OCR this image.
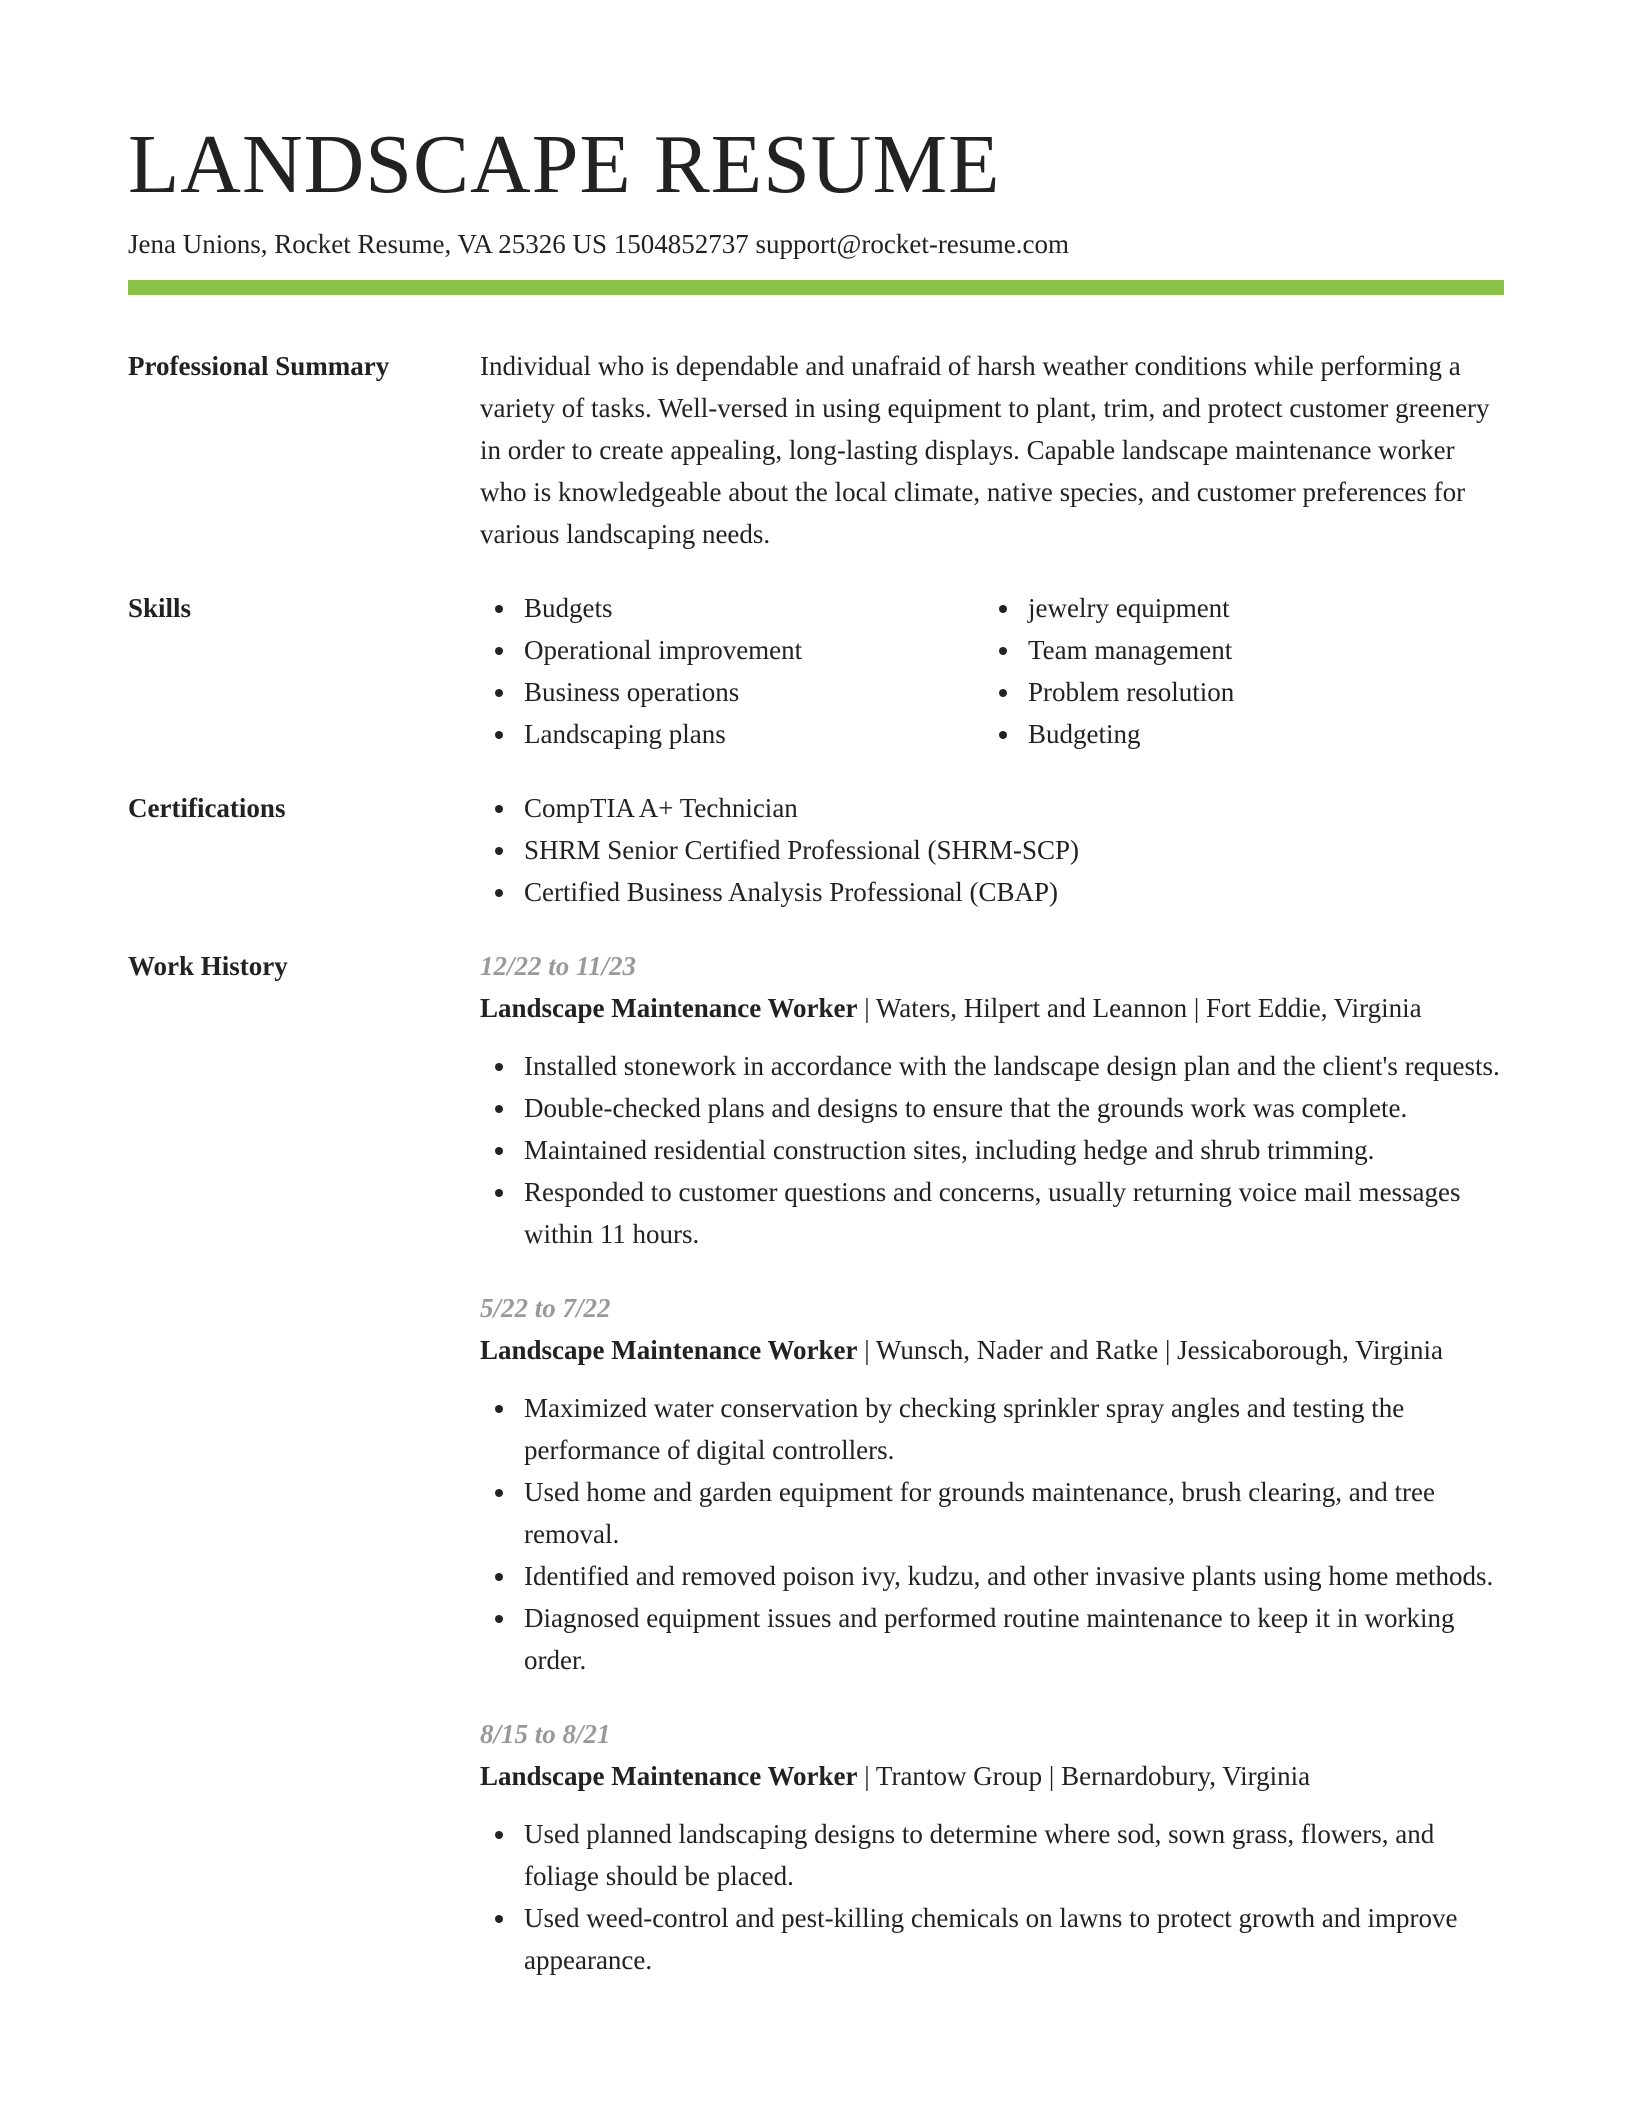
LANDSCAPE RESUME
Jena Unions, Rocket Resume, VA 25326 US 1504852737 support@rocket-resume.com
Professional Summary	Individual who is dependable and unafraid of harsh weather conditions while performing a variety of tasks. Well-versed in using equipment to plant, trim, and protect customer greenery in order to create appealing, long-lasting displays. Capable landscape maintenance worker who is knowledgeable about the local climate, native species, and customer preferences for various landscaping needs.

Skills	Budgets
Operational improvement
Business operations
Landscaping plans
jewelry equipment
Team management
Problem resolution
Budgeting
Certifications	CompTIA A+ Technician
SHRM Senior Certified Professional (SHRM-SCP)
Certified Business Analysis Professional (CBAP)
Work History	12/22 to 11/23
Landscape Maintenance Worker | Waters, Hilpert and Leannon | Fort Eddie, Virginia
Installed stonework in accordance with the landscape design plan and the client's requests.
Double-checked plans and designs to ensure that the grounds work was complete.
Maintained residential construction sites, including hedge and shrub trimming.
Responded to customer questions and concerns, usually returning voice mail messages within 11 hours.
5/22 to 7/22
Landscape Maintenance Worker | Wunsch, Nader and Ratke | Jessicaborough, Virginia
Maximized water conservation by checking sprinkler spray angles and testing the performance of digital controllers.
Used home and garden equipment for grounds maintenance, brush clearing, and tree removal.
Identified and removed poison ivy, kudzu, and other invasive plants using home methods.
Diagnosed equipment issues and performed routine maintenance to keep it in working order.
8/15 to 8/21
Landscape Maintenance Worker | Trantow Group | Bernardobury, Virginia
Used planned landscaping designs to determine where sod, sown grass, flowers, and foliage should be placed.
Used weed-control and pest-killing chemicals on lawns to protect growth and improve appearance.
